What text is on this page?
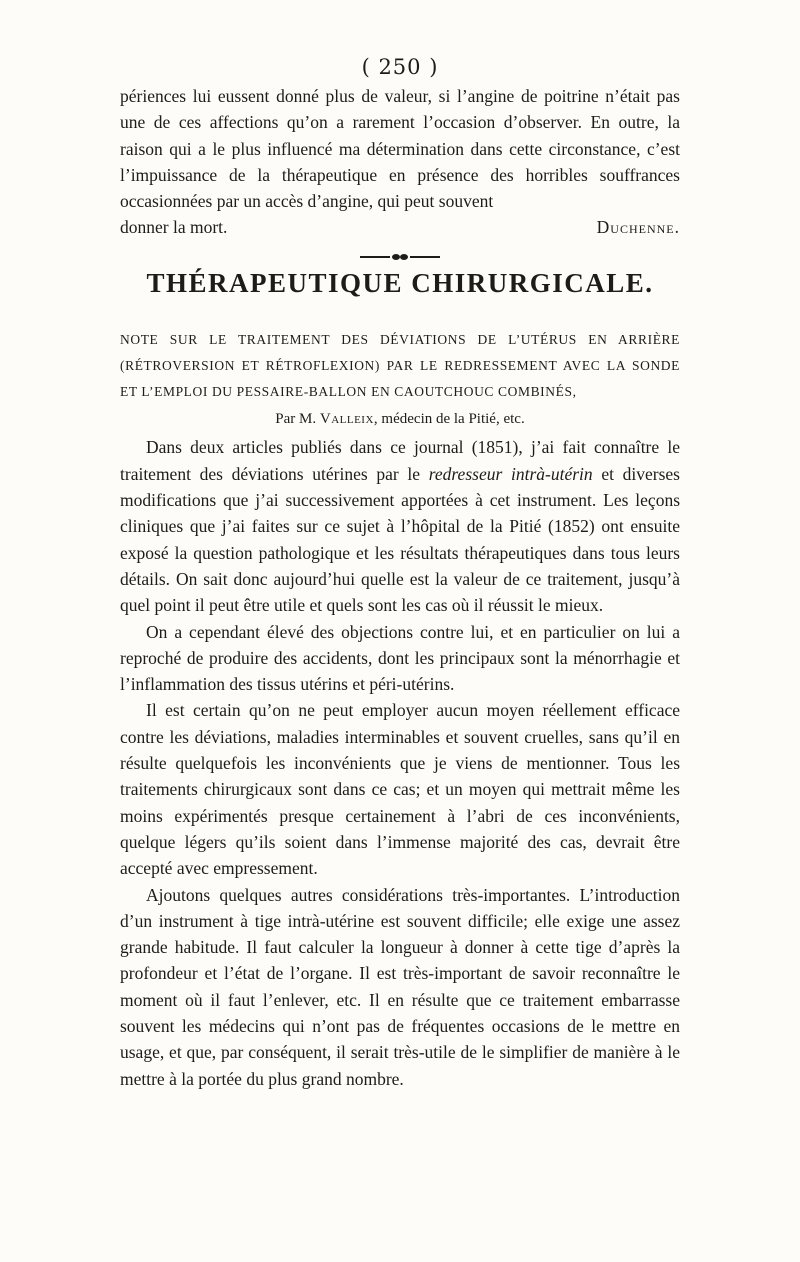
( 250 )

périences lui eussent donné plus de valeur, si l’angine de poitrine n’était pas une de ces affections qu’on a rarement l’occasion d’observer. En outre, la raison qui a le plus influencé ma détermination dans cette circonstance, c’est l’impuissance de la thérapeutique en présence des horribles souffrances occasionnées par un accès d’angine, qui peut souvent

donner la mort.	Duchenne.
THÉRAPEUTIQUE CHIRURGICALE.

NOTE SUR LE TRAITEMENT DES DÉVIATIONS DE L’UTÉRUS EN ARRIÈRE (RÉTROVERSION ET RÉTROFLEXION) PAR LE REDRESSEMENT AVEC LA SONDE ET L’EMPLOI DU PESSAIRE-BALLON EN CAOUTCHOUC COMBINÉS,

Par M. Valleix, médecin de la Pitié, etc.

Dans deux articles publiés dans ce journal (1851), j’ai fait connaître le traitement des déviations utérines par le redresseur intrà-utérin et diverses modifications que j’ai successivement apportées à cet instrument. Les leçons cliniques que j’ai faites sur ce sujet à l’hôpital de la Pitié (1852) ont ensuite exposé la question pathologique et les résultats thérapeutiques dans tous leurs détails. On sait donc aujourd’hui quelle est la valeur de ce traitement, jusqu’à quel point il peut être utile et quels sont les cas où il réussit le mieux.

On a cependant élevé des objections contre lui, et en particulier on lui a reproché de produire des accidents, dont les principaux sont la ménorrhagie et l’inflammation des tissus utérins et péri-utérins.

Il est certain qu’on ne peut employer aucun moyen réellement efficace contre les déviations, maladies interminables et souvent cruelles, sans qu’il en résulte quelquefois les inconvénients que je viens de mentionner. Tous les traitements chirurgicaux sont dans ce cas; et un moyen qui mettrait même les moins expérimentés presque certainement à l’abri de ces inconvénients, quelque légers qu’ils soient dans l’immense majorité des cas, devrait être accepté avec empressement.

Ajoutons quelques autres considérations très-importantes. L’introduction d’un instrument à tige intrà-utérine est souvent difficile; elle exige une assez grande habitude. Il faut calculer la longueur à donner à cette tige d’après la profondeur et l’état de l’organe. Il est très-important de savoir reconnaître le moment où il faut l’enlever, etc. Il en résulte que ce traitement embarrasse souvent les médecins qui n’ont pas de fréquentes occasions de le mettre en usage, et que, par conséquent, il serait très-utile de le simplifier de manière à le mettre à la portée du plus grand nombre.
